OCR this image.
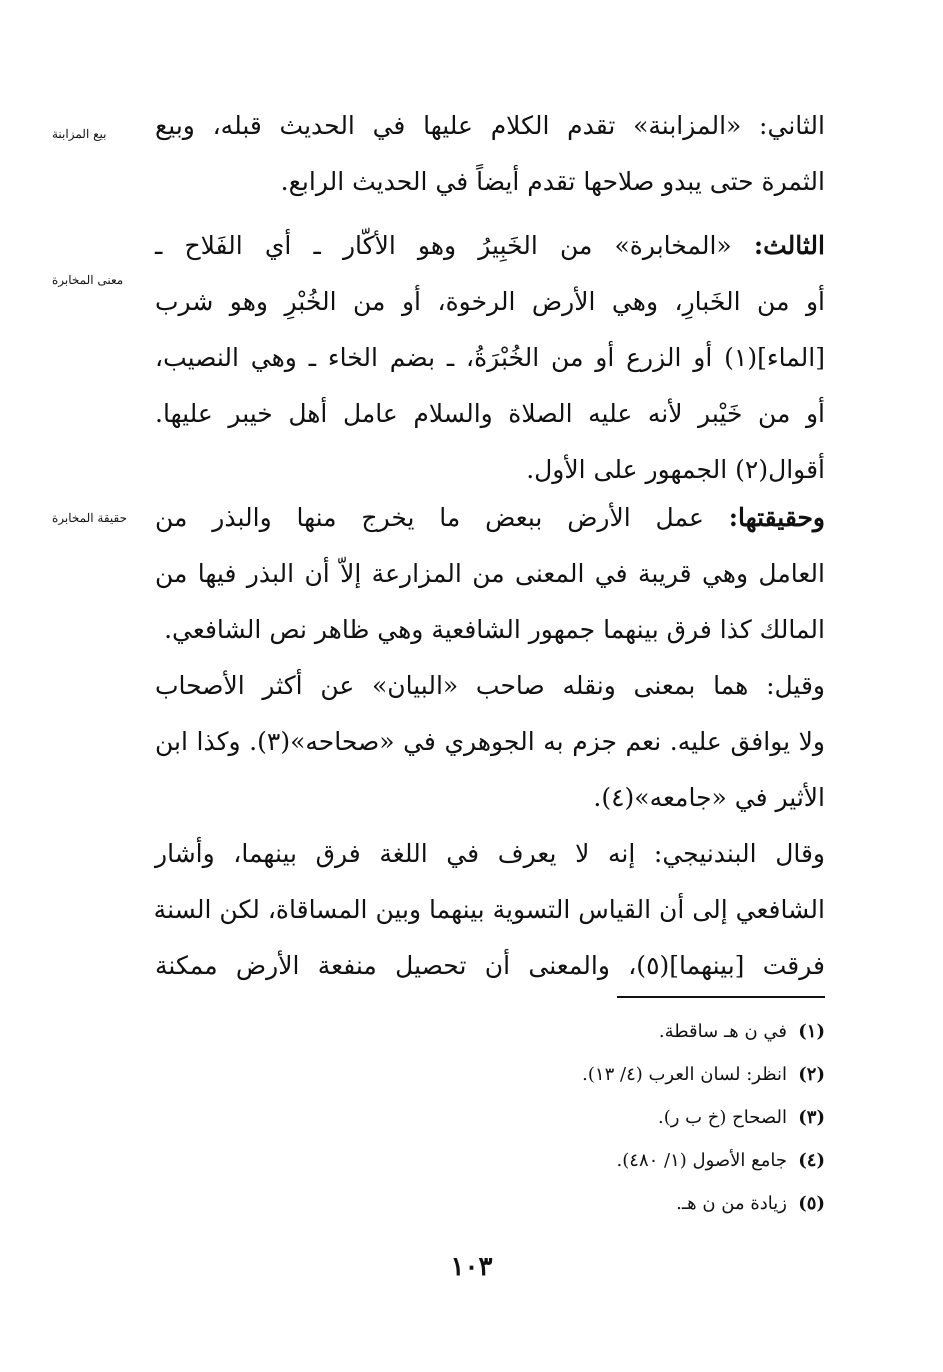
الثاني: «المزابنة» تقدم الكلام عليها في الحديث قبله، وبيع
الثمرة حتى يبدو صلاحها تقدم أيضاً في الحديث الرابع.
بيع المزابنة
الثالث: «المخابرة» من الخَبِيرُ وهو الأكّار ـ أي الفَلاح ـ
أو من الخَبارِ، وهي الأرض الرخوة، أو من الخُبْرِ وهو شرب
[الماء](١) أو الزرع أو من الخُبْرَةُ، ـ بضم الخاء ـ وهي النصيب،
أو من خَيْبر لأنه عليه الصلاة والسلام عامل أهل خيبر عليها.
أقوال(٢) الجمهور على الأول.
معنى المخابرة
وحقيقتها: عمل الأرض ببعض ما يخرج منها والبذر من
العامل وهي قريبة في المعنى من المزارعة إلاّ أن البذر فيها من
المالك كذا فرق بينهما جمهور الشافعية وهي ظاهر نص الشافعي.
حقيقة المخابرة
وقيل: هما بمعنى ونقله صاحب «البيان» عن أكثر الأصحاب
ولا يوافق عليه. نعم جزم به الجوهري في «صحاحه»(٣). وكذا ابن
الأثير في «جامعه»(٤).
وقال البندنيجي: إنه لا يعرف في اللغة فرق بينهما، وأشار
الشافعي إلى أن القياس التسوية بينهما وبين المساقاة، لكن السنة
فرقت [بينهما](٥)، والمعنى أن تحصيل منفعة الأرض ممكنة
(١)في ن هـ ساقطة.
(٢)انظر: لسان العرب (٤/ ١٣).
(٣)الصحاح (خ ب ر).
(٤)جامع الأصول (١/ ٤٨٠).
(٥)زيادة من ن هـ.
١٠٣
